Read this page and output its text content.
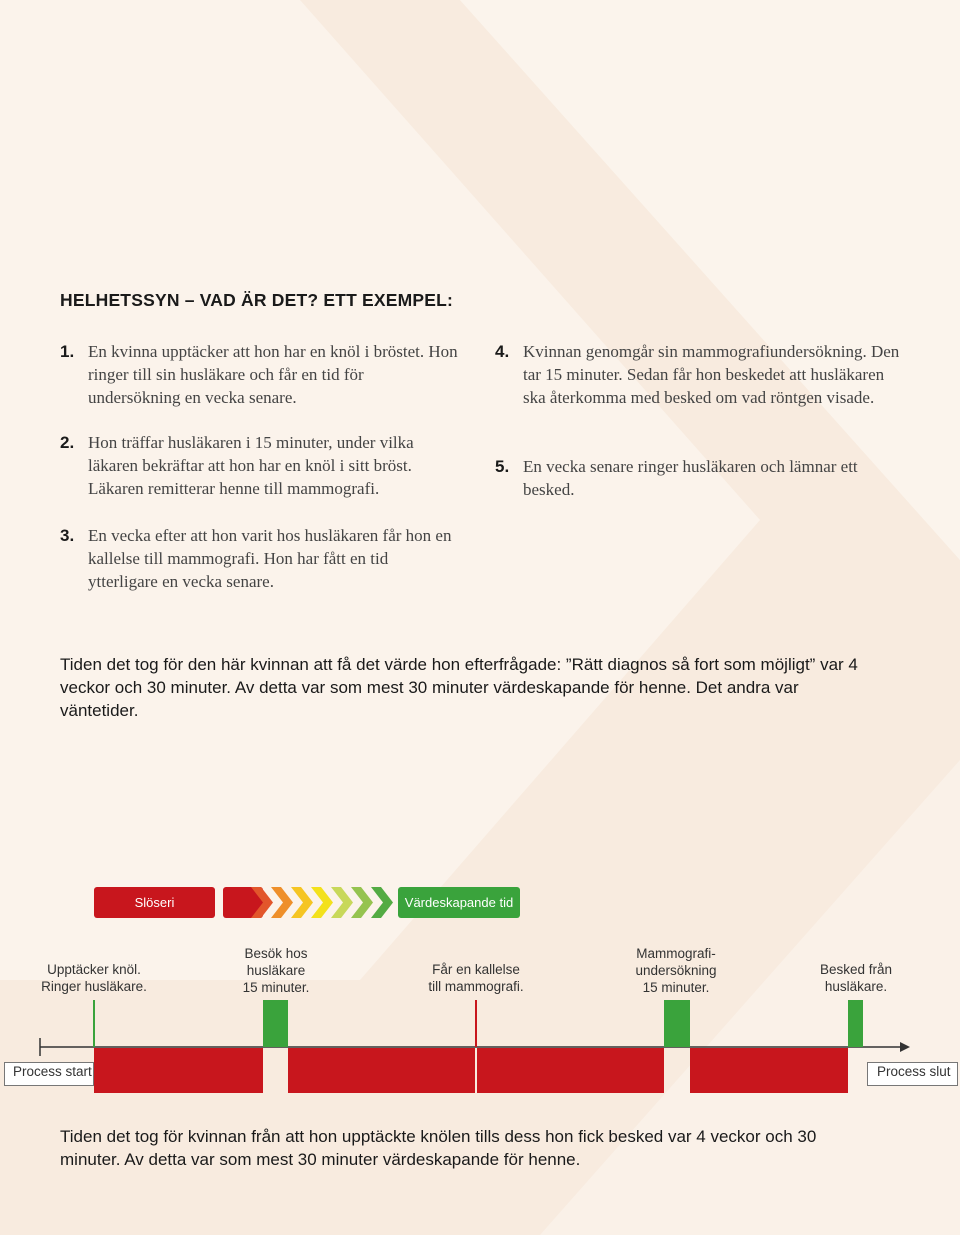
HELHETSSYN – VAD ÄR DET? ETT EXEMPEL:
1. En kvinna upptäcker att hon har en knöl i bröstet. Hon ringer till sin husläkare och får en tid för undersökning en vecka senare.
2. Hon träffar husläkaren i 15 minuter, under vilka läkaren bekräftar att hon har en knöl i sitt bröst. Läkaren remitterar henne till mammografi.
3. En vecka efter att hon varit hos husläkaren får hon en kallelse till mammografi. Hon har fått en tid ytterligare en vecka senare.
4. Kvinnan genomgår sin mammografiundersökning. Den tar 15 minuter. Sedan får hon beskedet att husläkaren ska återkomma med besked om vad röntgen visade.
5. En vecka senare ringer husläkaren och lämnar ett besked.
Tiden det tog för den här kvinnan att få det värde hon efterfrågade: ”Rätt diagnos så fort som möjligt” var 4 veckor och 30 minuter. Av detta var som mest 30 minuter värdeskapande för henne. Det andra var väntetider.
Slöseri	Värdeskapande tid
Upptäcker knöl.
Ringer husläkare.
Besök hos
husläkare
15 minuter.
Får en kallelse
till mammografi.
Mammografi-
undersökning
15 minuter.
Besked från
husläkare.
Process start	Process slut
Tiden det tog för kvinnan från att hon upptäckte knölen tills dess hon fick besked var 4 veckor och 30 minuter. Av detta var som mest 30 minuter värdeskapande för henne.
